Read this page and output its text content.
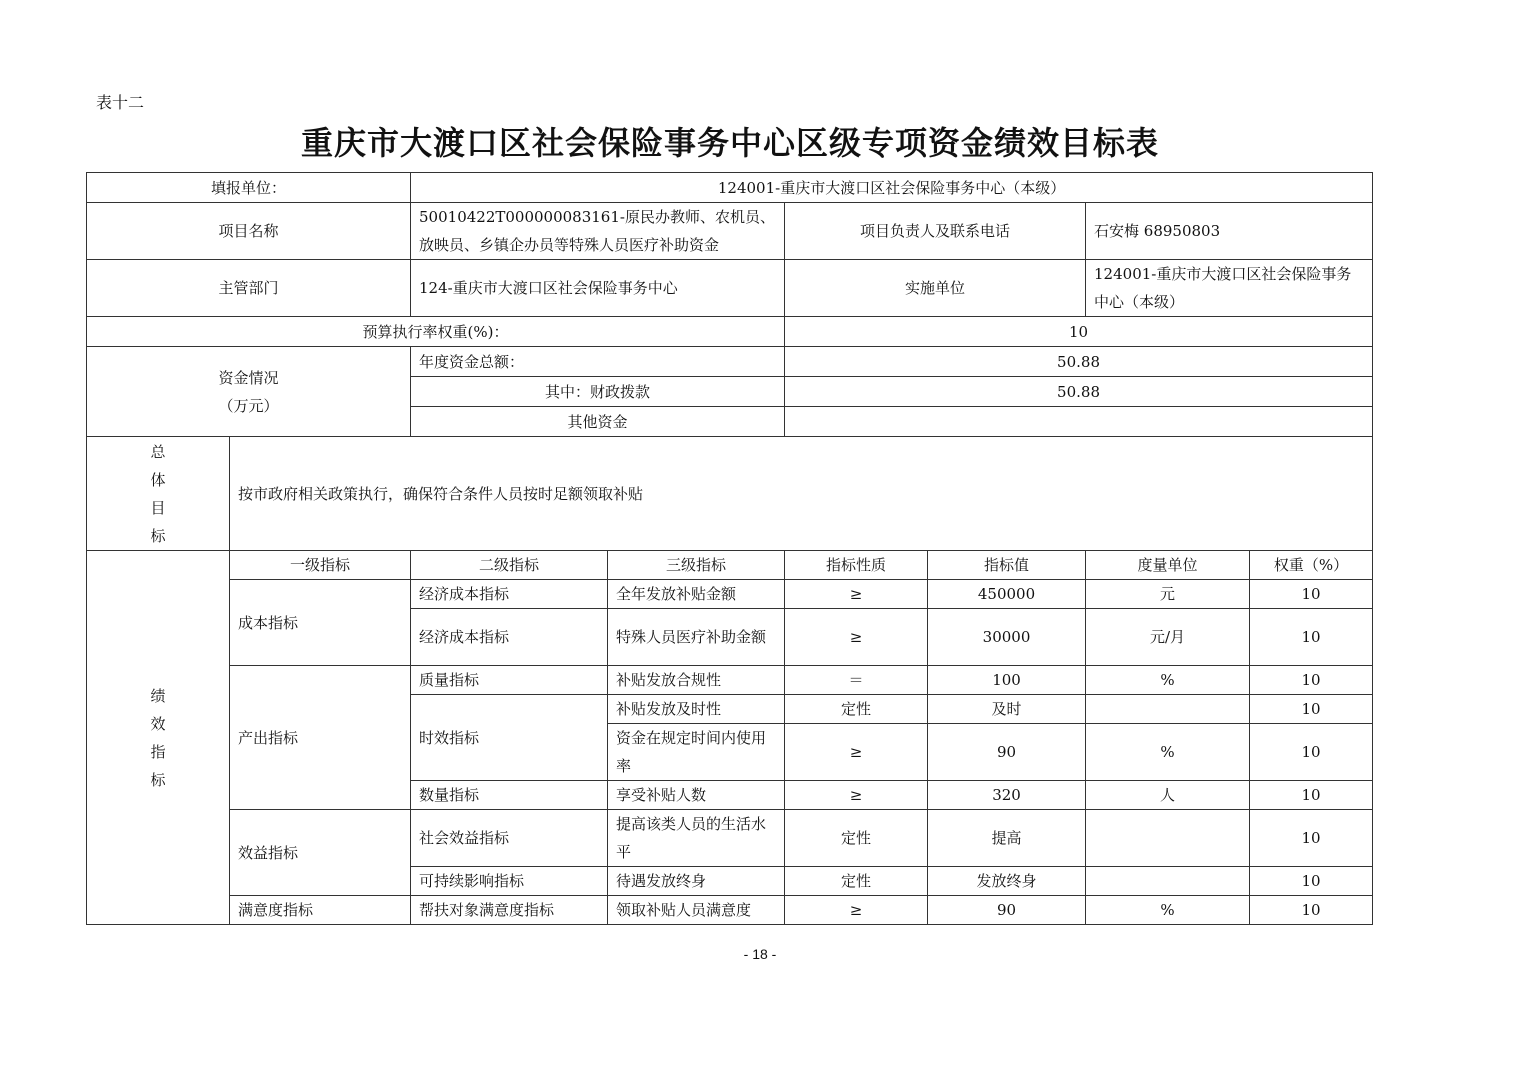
表十二
重庆市大渡口区社会保险事务中心区级专项资金绩效目标表
填报单位：		124001-重庆市大渡口区社会保险事务中心（本级）					
项目名称		50010422T000000083161-原民办教师、农机员、放映员、乡镇企办员等特殊人员医疗补助资金		项目负责人及联系电话		石安梅 68950803	
主管部门		124-重庆市大渡口区社会保险事务中心		实施单位		124001-重庆市大渡口区社会保险事务中心（本级）	
预算执行率权重(%)：				10			
资金情况
（万元）		年度资金总额：		50.88			
		其中：财政拨款		50.88			
		其他资金					

总
体
目
标	按市政府相关政策执行，确保符合条件人员按时足额领取补贴						

绩
效
指
标	一级指标	二级指标	三级指标	指标性质	指标值	度量单位	权重（%）
	成本指标	经济成本指标	全年发放补贴金额	≥	450000	元	10
		经济成本指标	特殊人员医疗补助金额	≥	30000	元/月	10
	产出指标	质量指标	补贴发放合规性	＝	100	%	10
		时效指标	补贴发放及时性	定性	及时		10
			资金在规定时间内使用率	≥	90	%	10
		数量指标	享受补贴人数	≥	320	人	10
	效益指标	社会效益指标	提高该类人员的生活水平	定性	提高		10
		可持续影响指标	待遇发放终身	定性	发放终身		10
	满意度指标	帮扶对象满意度指标	领取补贴人员满意度	≥	90	%	10
- 18 -
